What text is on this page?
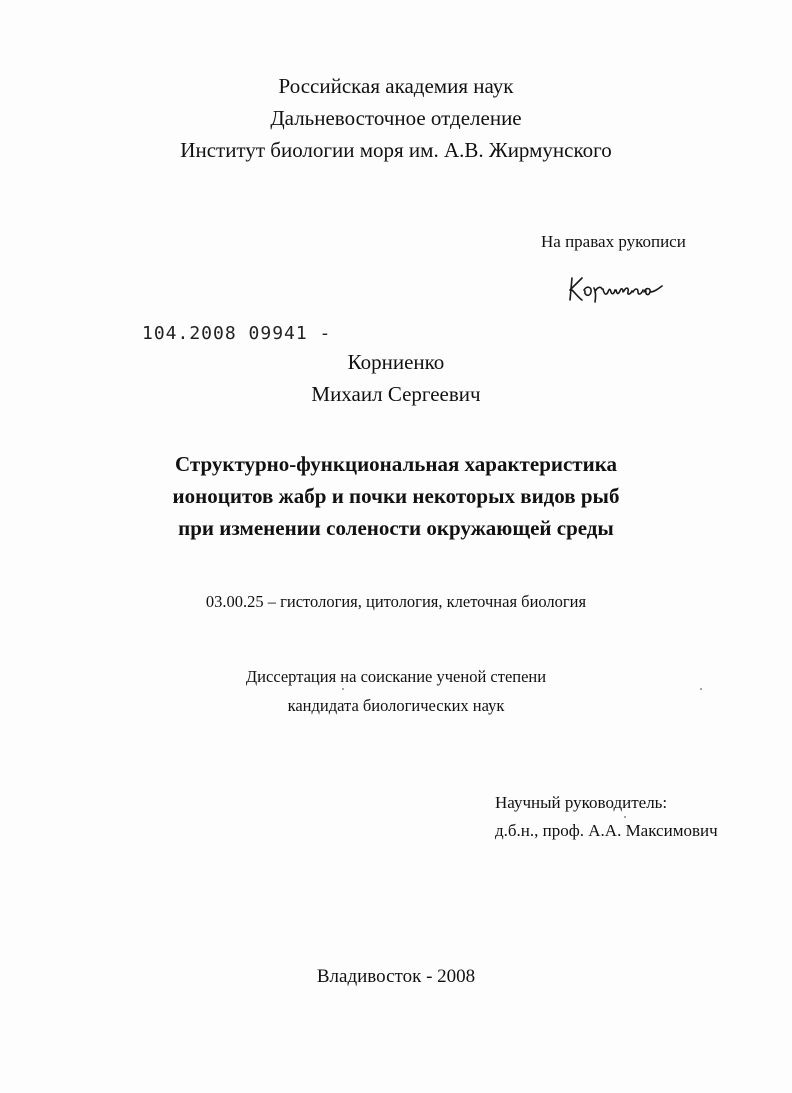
Российская академия наук
Дальневосточное отделение
Институт биологии моря им. А.В. Жирмунского
На правах рукописи
104.2008 09941 -
Корниенко
Михаил Сергеевич
Структурно-функциональная характеристика
ионоцитов жабр и почки некоторых видов рыб
при изменении солености окружающей среды
03.00.25 – гистология, цитология, клеточная биология
Диссертация на соискание ученой степени
кандидата биологических наук
Научный руководитель:
д.б.н., проф. А.А. Максимович
Владивосток - 2008
